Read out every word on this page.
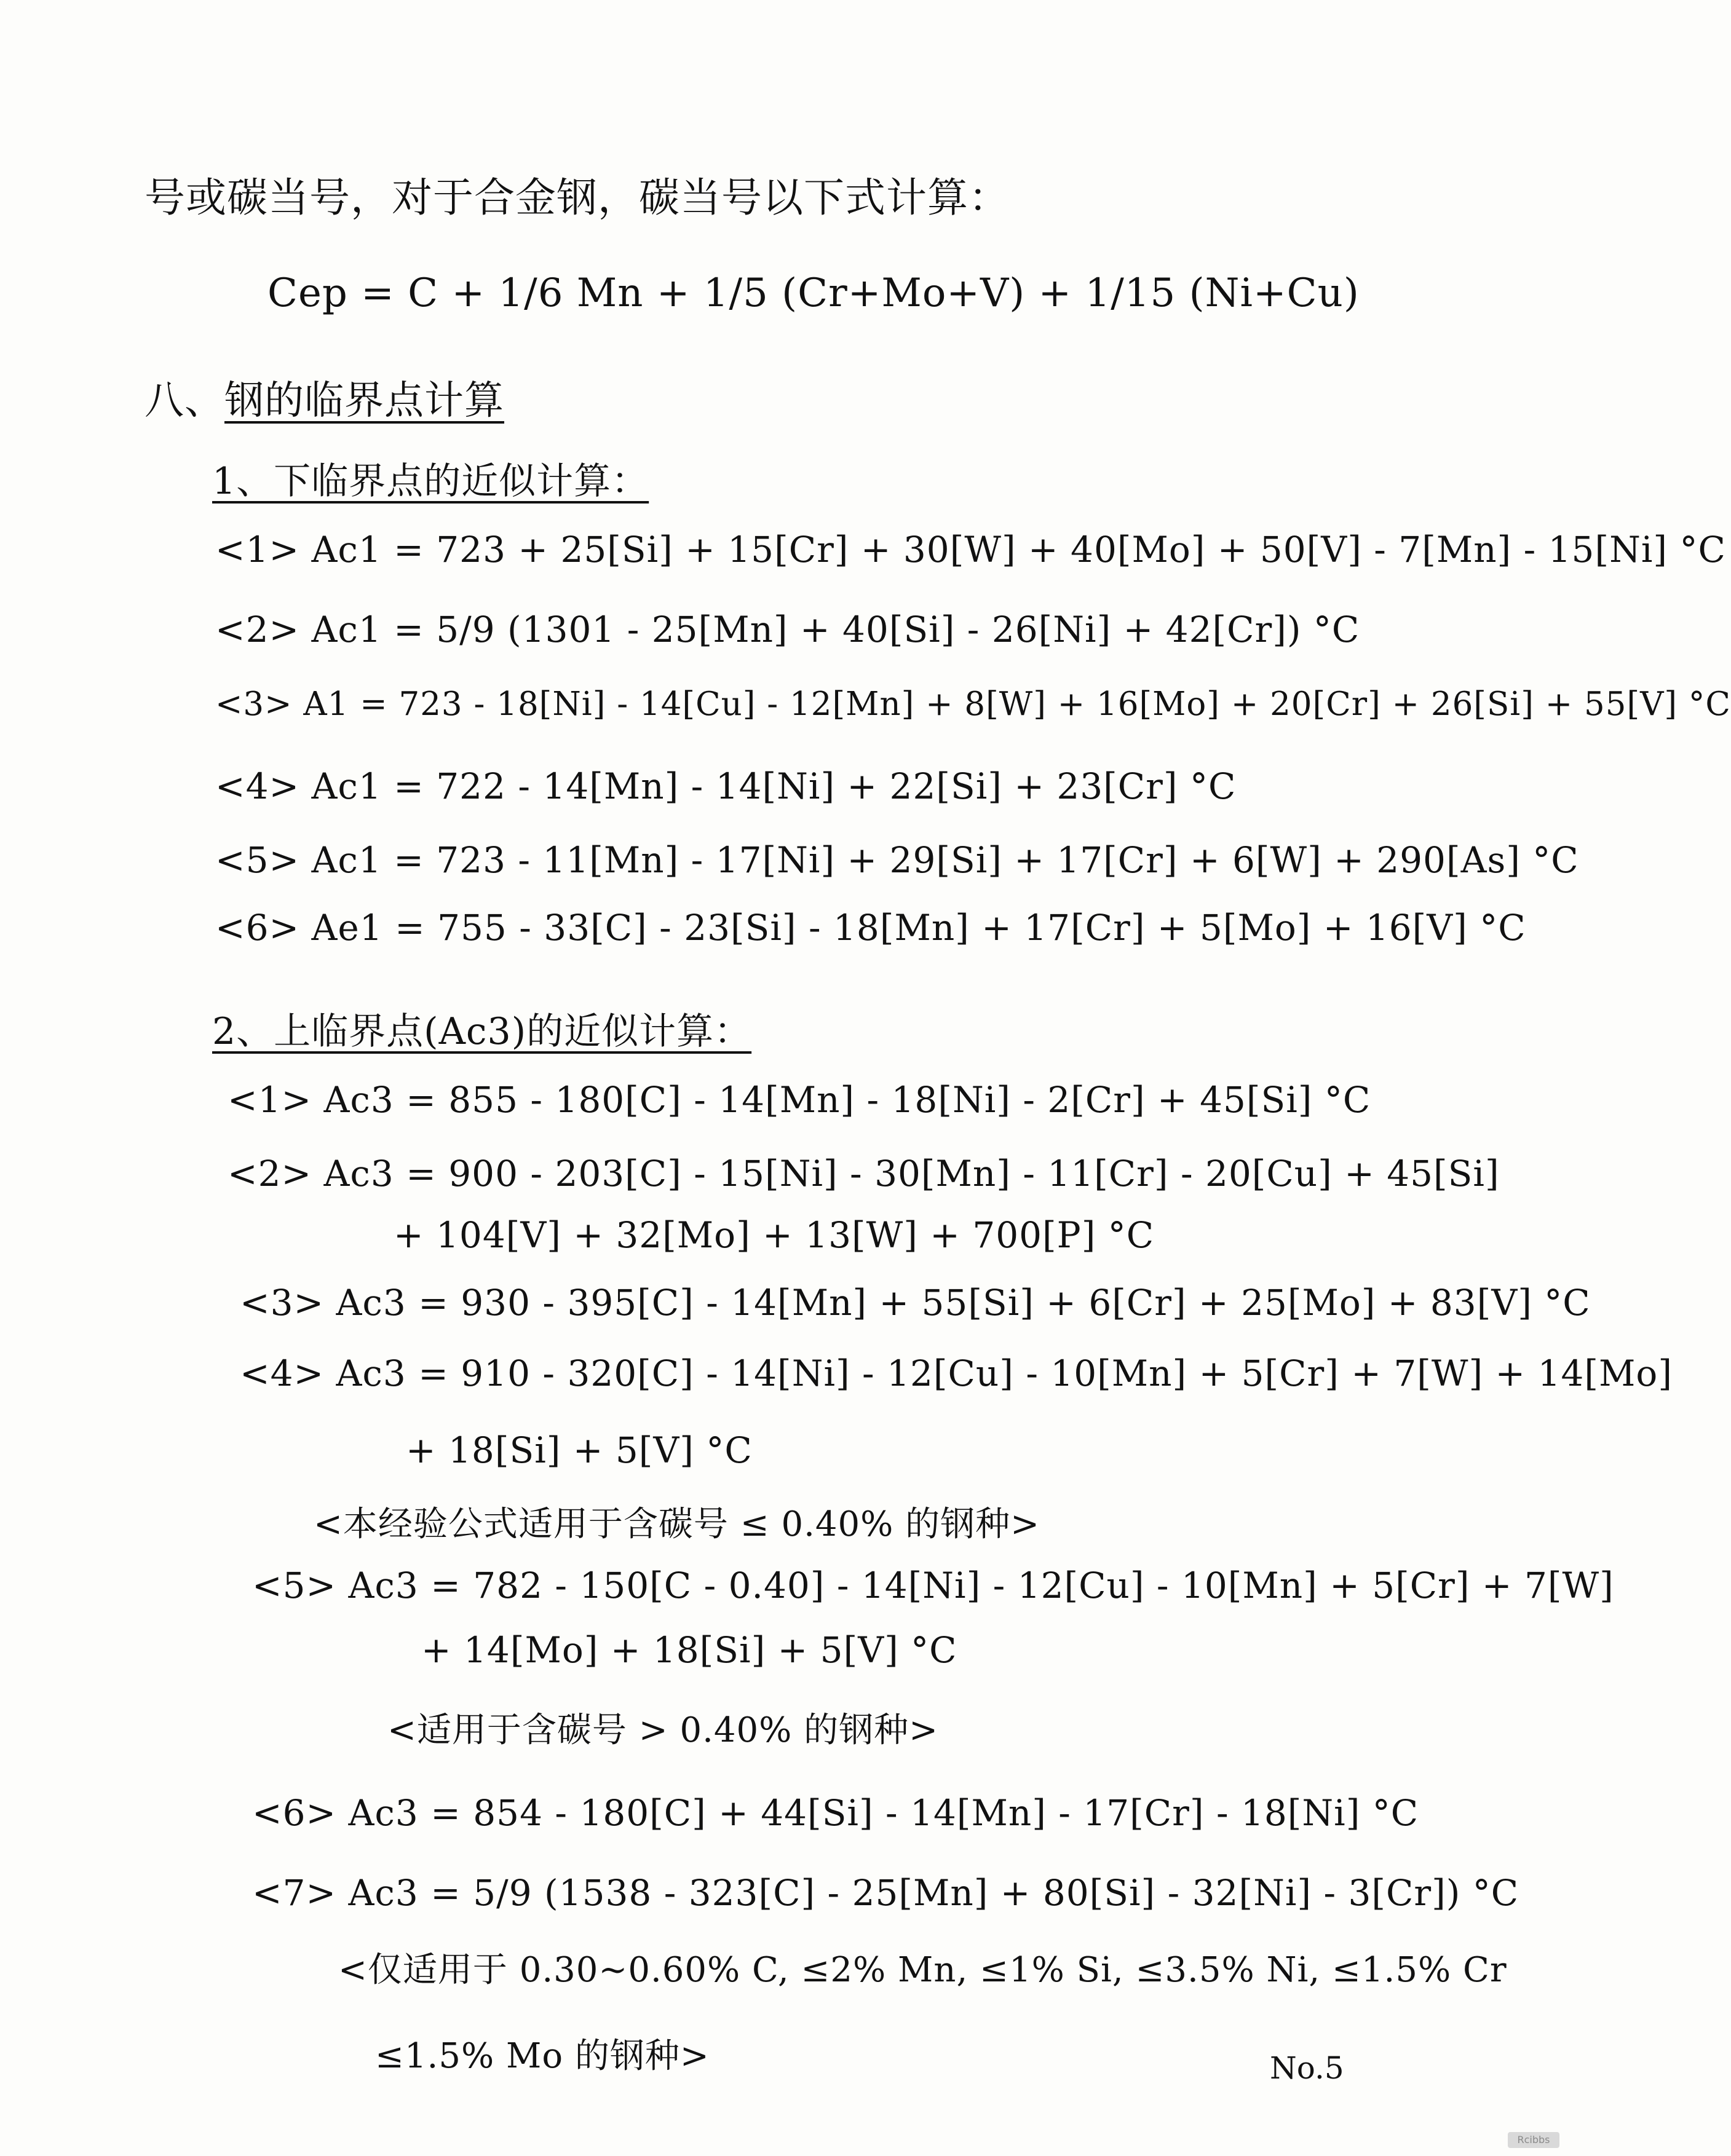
号或碳当号，对于合金钢，碳当号以下式计算：
Cep = C + 1/6 Mn + 1/5 (Cr+Mo+V) + 1/15 (Ni+Cu)
八、钢的临界点计算
1、下临界点的近似计算：
<1> Ac1 = 723 + 25[Si] + 15[Cr] + 30[W] + 40[Mo] + 50[V] - 7[Mn] - 15[Ni] °C
<2> Ac1 = 5/9 (1301 - 25[Mn] + 40[Si] - 26[Ni] + 42[Cr]) °C
<3> A1 = 723 - 18[Ni] - 14[Cu] - 12[Mn] + 8[W] + 16[Mo] + 20[Cr] + 26[Si] + 55[V] °C
<4> Ac1 = 722 - 14[Mn] - 14[Ni] + 22[Si] + 23[Cr] °C
<5> Ac1 = 723 - 11[Mn] - 17[Ni] + 29[Si] + 17[Cr] + 6[W] + 290[As] °C
<6> Ae1 = 755 - 33[C] - 23[Si] - 18[Mn] + 17[Cr] + 5[Mo] + 16[V] °C
2、上临界点(Ac3)的近似计算：
<1> Ac3 = 855 - 180[C] - 14[Mn] - 18[Ni] - 2[Cr] + 45[Si] °C
<2> Ac3 = 900 - 203[C] - 15[Ni] - 30[Mn] - 11[Cr] - 20[Cu] + 45[Si]
+ 104[V] + 32[Mo] + 13[W] + 700[P] °C
<3> Ac3 = 930 - 395[C] - 14[Mn] + 55[Si] + 6[Cr] + 25[Mo] + 83[V] °C
<4> Ac3 = 910 - 320[C] - 14[Ni] - 12[Cu] - 10[Mn] + 5[Cr] + 7[W] + 14[Mo]
+ 18[Si] + 5[V] °C
<本经验公式适用于含碳号 ≤ 0.40% 的钢种>
<5> Ac3 = 782 - 150[C - 0.40] - 14[Ni] - 12[Cu] - 10[Mn] + 5[Cr] + 7[W]
+ 14[Mo] + 18[Si] + 5[V] °C
<适用于含碳号 > 0.40% 的钢种>
<6> Ac3 = 854 - 180[C] + 44[Si] - 14[Mn] - 17[Cr] - 18[Ni] °C
<7> Ac3 = 5/9 (1538 - 323[C] - 25[Mn] + 80[Si] - 32[Ni] - 3[Cr]) °C
<仅适用于 0.30~0.60% C, ≤2% Mn, ≤1% Si, ≤3.5% Ni, ≤1.5% Cr
≤1.5% Mo 的钢种>	No.5
Rcibbs
